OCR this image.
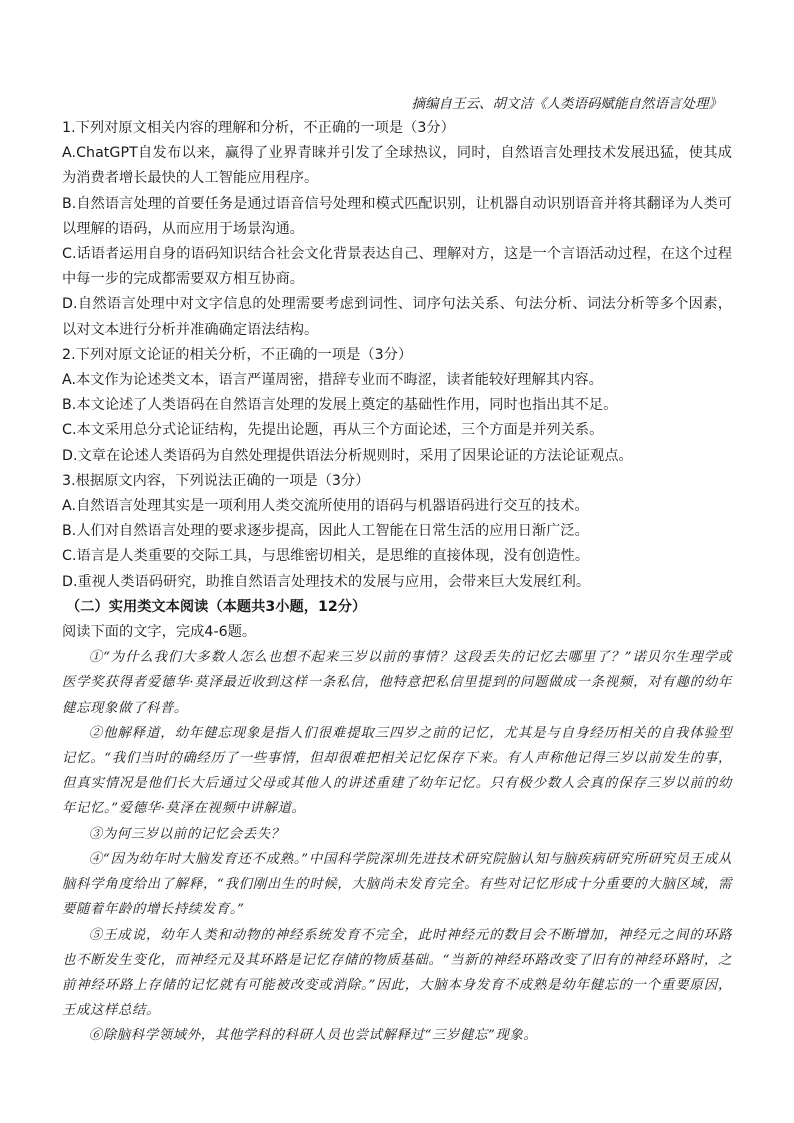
摘编自王云、胡文洁《人类语码赋能自然语言处理》

1.下列对原文相关内容的理解和分析，不正确的一项是（3分）

A.ChatGPT自发布以来，赢得了业界青睐并引发了全球热议，同时，自然语言处理技术发展迅猛，使其成为消费者增长最快的人工智能应用程序。

B.自然语言处理的首要任务是通过语音信号处理和模式匹配识别，让机器自动识别语音并将其翻译为人类可以理解的语码，从而应用于场景沟通。

C.话语者运用自身的语码知识结合社会文化背景表达自己、理解对方，这是一个言语活动过程，在这个过程中每一步的完成都需要双方相互协商。

D.自然语言处理中对文字信息的处理需要考虑到词性、词序句法关系、句法分析、词法分析等多个因素，以对文本进行分析并准确确定语法结构。

2.下列对原文论证的相关分析，不正确的一项是（3分）

A.本文作为论述类文本，语言严谨周密，措辞专业而不晦涩，读者能较好理解其内容。

B.本文论述了人类语码在自然语言处理的发展上奠定的基础性作用，同时也指出其不足。

C.本文采用总分式论证结构，先提出论题，再从三个方面论述，三个方面是并列关系。

D.文章在论述人类语码为自然处理提供语法分析规则时，采用了因果论证的方法论证观点。

3.根据原文内容，下列说法正确的一项是（3分）

A.自然语言处理其实是一项利用人类交流所使用的语码与机器语码进行交互的技术。

B.人们对自然语言处理的要求逐步提高，因此人工智能在日常生活的应用日渐广泛。

C.语言是人类重要的交际工具，与思维密切相关，是思维的直接体现，没有创造性。

D.重视人类语码研究，助推自然语言处理技术的发展与应用，会带来巨大发展红利。

（二）实用类文本阅读（本题共3小题，12分）

阅读下面的文字，完成4-6题。

①“为什么我们大多数人怎么也想不起来三岁以前的事情？这段丢失的记忆去哪里了？”诺贝尔生理学或医学奖获得者爱德华·莫泽最近收到这样一条私信，他特意把私信里提到的问题做成一条视频，对有趣的幼年健忘现象做了科普。

②他解释道，幼年健忘现象是指人们很难提取三四岁之前的记忆，尤其是与自身经历相关的自我体验型记忆。“我们当时的确经历了一些事情，但却很难把相关记忆保存下来。有人声称他记得三岁以前发生的事，但真实情况是他们长大后通过父母或其他人的讲述重建了幼年记忆。只有极少数人会真的保存三岁以前的幼年记忆。”爱德华·莫泽在视频中讲解道。

③为何三岁以前的记忆会丢失？

④“因为幼年时大脑发育还不成熟。”中国科学院深圳先进技术研究院脑认知与脑疾病研究所研究员王成从脑科学角度给出了解释，“我们刚出生的时候，大脑尚未发育完全。有些对记忆形成十分重要的大脑区域，需要随着年龄的增长持续发育。”

⑤王成说，幼年人类和动物的神经系统发育不完全，此时神经元的数目会不断增加，神经元之间的环路也不断发生变化，而神经元及其环路是记忆存储的物质基础。“当新的神经环路改变了旧有的神经环路时，之前神经环路上存储的记忆就有可能被改变或消除。”因此，大脑本身发育不成熟是幼年健忘的一个重要原因，王成这样总结。

⑥除脑科学领域外，其他学科的科研人员也尝试解释过“三岁健忘”现象。
